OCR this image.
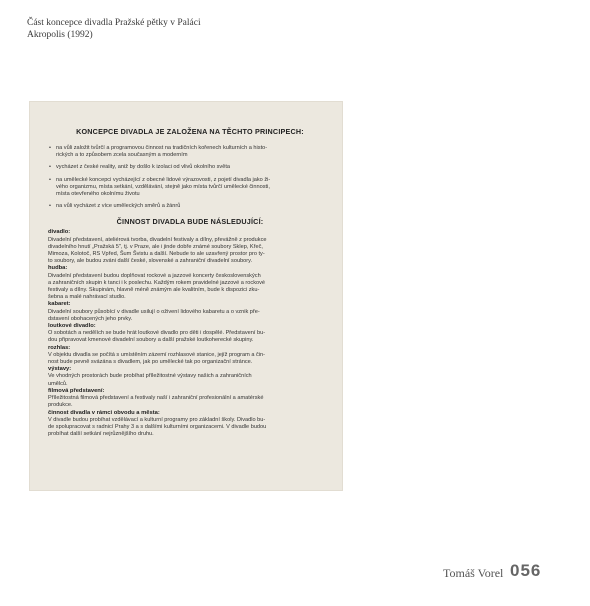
Část koncepce divadla Pražské pětky v Paláci
Akropolis (1992)
KONCEPCE DIVADLA JE ZALOŽENA NA TĚCHTO PRINCIPECH:
• na vůli založit tvůrčí a programovou činnost na tradičních kořenech kulturních a histo-
rických a to způsobem zcela současným a moderním
• vycházet z české reality, aniž by došlo k izolaci od vlivů okolního světa
• na umělecké koncepci vycházející z obecné lidové výrazovosti, z pojetí divadla jako ži-
vého organizmu, místa setkání, vzdělávání, stejně jako místa tvůrčí umělecké činnosti,
místa otevřeného okolnímu životu
• na vůli vycházet z více uměleckých směrů a žánrů
ČINNOST DIVADLA BUDE NÁSLEDUJÍCÍ:
divadlo:
Divadelní představení, ateliérová tvorba, divadelní festivaly a dílny, převážně z produkce
divadelního hnutí „Pražská 5", tj. v Praze, ale i jinde dobře známé soubory Sklep, Křeč,
Mimoza, Kolotoč, RS Vpřed, Šum Švistu a další. Nebude to ale uzavřený prostor pro ty-
to soubory, ale budou zváni další české, slovenské a zahraniční divadelní soubory.
hudba:
Divadelní představení budou doplňovat rockové a jazzové koncerty československých
a zahraničních skupin k tanci i k poslechu. Každým rokem pravidelné jazzové a rockové
festivaly a dílny. Skupinám, hlavně méně známým ale kvalitním, bude k dispozici zku-
šebna a malé nahrávací studio.
kabaret:
Divadelní soubory působící v divadle usilují o oživení lidového kabaretu a o vznik pře-
dstavení obohacených jeho prvky.
loutkové divadlo:
O sobotách a nedělích se bude hrát loutkové divadlo pro děti i dospělé. Představení bu-
dou připravovat kmenové divadelní soubory a další pražské loutkoherecké skupiny.
rozhlas:
V objektu divadla se počítá s umístěním zázemí rozhlasové stanice, jejíž program a čin-
nost bude pevně svázána s divadlem, jak po umělecké tak po organizační stránce.
výstavy:
Ve vhodných prostorách bude probíhat příležitostné výstavy našich a zahraničních
umělců.
filmová představení:
Příležitostná filmová představení a festivaly naší i zahraniční profesionální a amatérské
produkce.
činnost divadla v rámci obvodu a města:
V divadle budou probíhat vzdělávací a kulturní programy pro základní školy. Divadlo bu-
de spolupracovat s radnicí Prahy 3 a s dalšími kulturními organizacemi. V divadle budou
probíhat další setkání nejrůznějšího druhu.
Tomáš Vorel 056
